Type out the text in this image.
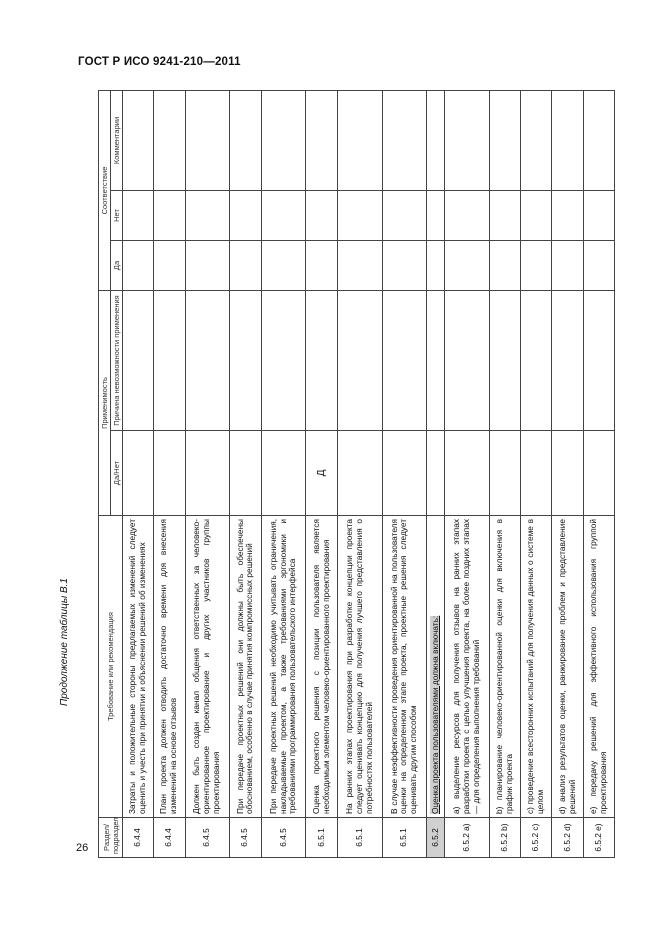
ГОСТ Р ИСО 9241-210—2011
Продолжение таблицы В.1
26 Раздел/ подраздел	Требование или рекомендация	Применимость		Соответствие		
		Да/Нет	Причина невозможности применения	Да	Нет	Комментарии
6.4.4	Затраты и положительные стороны предлагаемых изменений следует оценить и учесть при принятии и объяснении решений об изменениях					
6.4.4	План проекта должен отводить достаточно времени для внесения изменений на основе отзывов					
6.4.5	Должен быть создан канал общения ответственных за человеко-ориентированное проектирование и других участников группы проектирования					
6.4.5	При передаче проектных решений они должны быть обеспечены обоснованием, особенно в случае принятия компромиссных решений					
6.4.5	При передаче проектных решений необходимо учитывать ограничения, накладываемые проектом, а также требованиями эргономики и требованиями программирования пользовательского интерфейса					
6.5.1	Оценка проектного решения с позиции пользователя является необходимым элементом человеко-ориентированного проектирования	Д				
6.5.1	На ранних этапах проектирования при разработке концепции проекта следует оценивать концепцию для получения лучшего представления о потребностях пользователей					
6.5.1	В случае неэффективности проведения ориентированной на пользователя оценки на определенном этапе проекта, проектные решения следует оценивать другим способом					
6.5.2	Оценка проекта пользователями должна включать:					
6.5.2 a)	a) выделение ресурсов для получения отзывов на ранних этапах разработки проекта с целью улучшения проекта, на более поздних этапах — для определения выполнения требований					
6.5.2 b)	b) планирование человеко-ориентированной оценки для включения в график проекта					
6.5.2 c)	c) проведение всесторонних испытаний для получения данных о системе в целом					
6.5.2 d)	d) анализ результатов оценки, ранжирование проблем и представление решений					
6.5.2 e)	e) передачу решений для эффективного использования группой проектирования					
